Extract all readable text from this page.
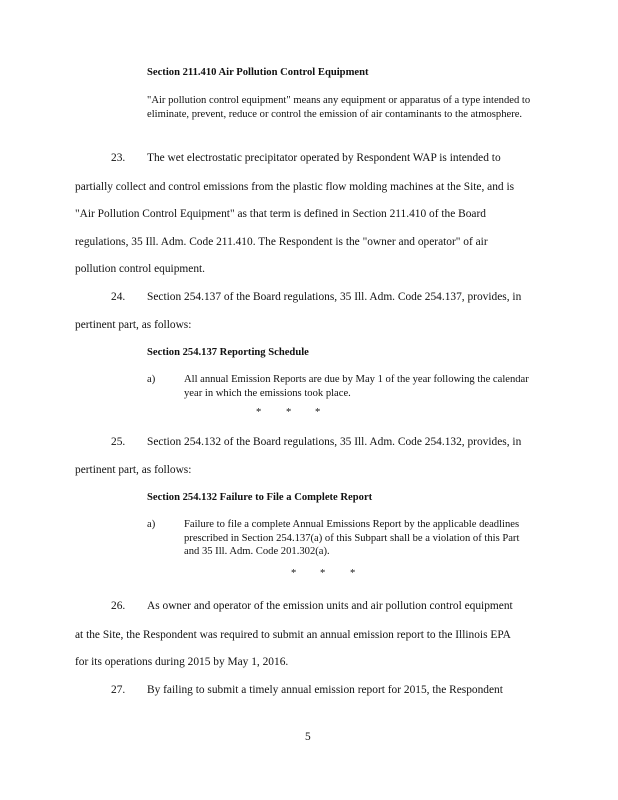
Section 211.410 Air Pollution Control Equipment
"Air pollution control equipment" means any equipment or apparatus of a type intended to eliminate, prevent, reduce or control the emission of air contaminants to the atmosphere.
23. The wet electrostatic precipitator operated by Respondent WAP is intended to
partially collect and control emissions from the plastic flow molding machines at the Site, and is
"Air Pollution Control Equipment" as that term is defined in Section 211.410 of the Board
regulations, 35 Ill. Adm. Code 211.410. The Respondent is the "owner and operator" of air
pollution control equipment.
24. Section 254.137 of the Board regulations, 35 Ill. Adm. Code 254.137, provides, in
pertinent part, as follows:
Section 254.137 Reporting Schedule
a)	All annual Emission Reports are due by May 1 of the year following the calendar year in which the emissions took place.
* * *
25. Section 254.132 of the Board regulations, 35 Ill. Adm. Code 254.132, provides, in
pertinent part, as follows:
Section 254.132 Failure to File a Complete Report
a)	Failure to file a complete Annual Emissions Report by the applicable deadlines prescribed in Section 254.137(a) of this Subpart shall be a violation of this Part and 35 Ill. Adm. Code 201.302(a).
* * *
26. As owner and operator of the emission units and air pollution control equipment
at the Site, the Respondent was required to submit an annual emission report to the Illinois EPA
for its operations during 2015 by May 1, 2016.
27. By failing to submit a timely annual emission report for 2015, the Respondent
5
